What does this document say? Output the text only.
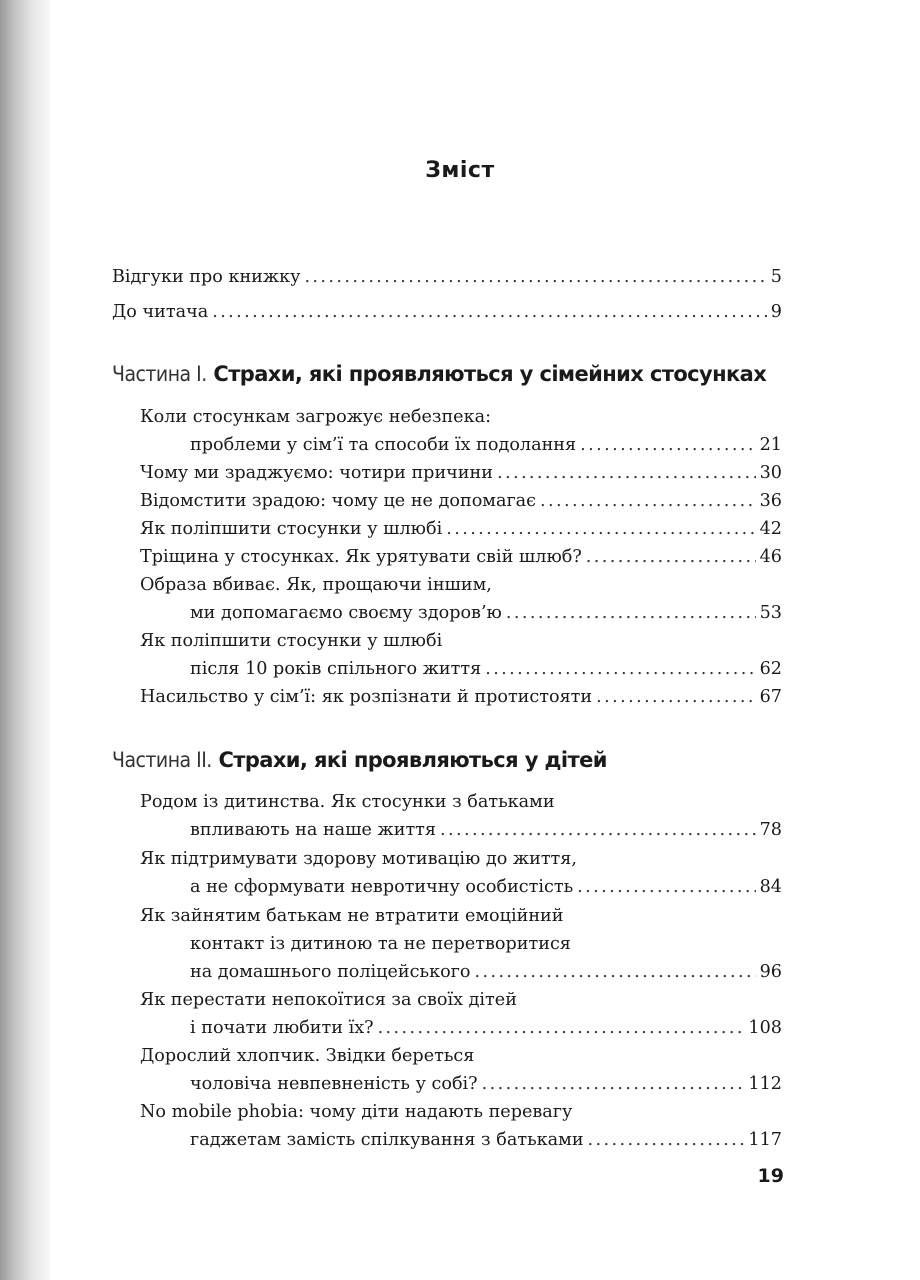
Зміст
Відгуки про книжку . . .	5
До читача . . .	9
Частина I. Страхи, які проявляються у сімейних стосунках
Коли стосункам загрожує небезпека:
проблеми у сім’ї та способи їх подолання . . .	21
Чому ми зраджуємо: чотири причини . . .	30
Відомстити зрадою: чому це не допомагає . . .	36
Як поліпшити стосунки у шлюбі . . .	42
Тріщина у стосунках. Як урятувати свій шлюб? . . .	46
Образа вбиває. Як, прощаючи іншим,
ми допомагаємо своєму здоров’ю . . .	53
Як поліпшити стосунки у шлюбі
після 10 років спільного життя . . .	62
Насильство у сім’ї: як розпізнати й протистояти . . .	67
Частина II. Страхи, які проявляються у дітей
Родом із дитинства. Як стосунки з батьками
впливають на наше життя . . .	78
Як підтримувати здорову мотивацію до життя,
а не сформувати невротичну особистість . . .	84
Як зайнятим батькам не втратити емоційний
контакт із дитиною та не перетворитися
на домашнього поліцейського . . .	96
Як перестати непокоїтися за своїх дітей
і почати любити їх? . . .	108
Дорослий хлопчик. Звідки береться
чоловіча невпевненість у собі? . . .	112
No mobile phobia: чому діти надають перевагу
гаджетам замість спілкування з батьками . . .	117
19
